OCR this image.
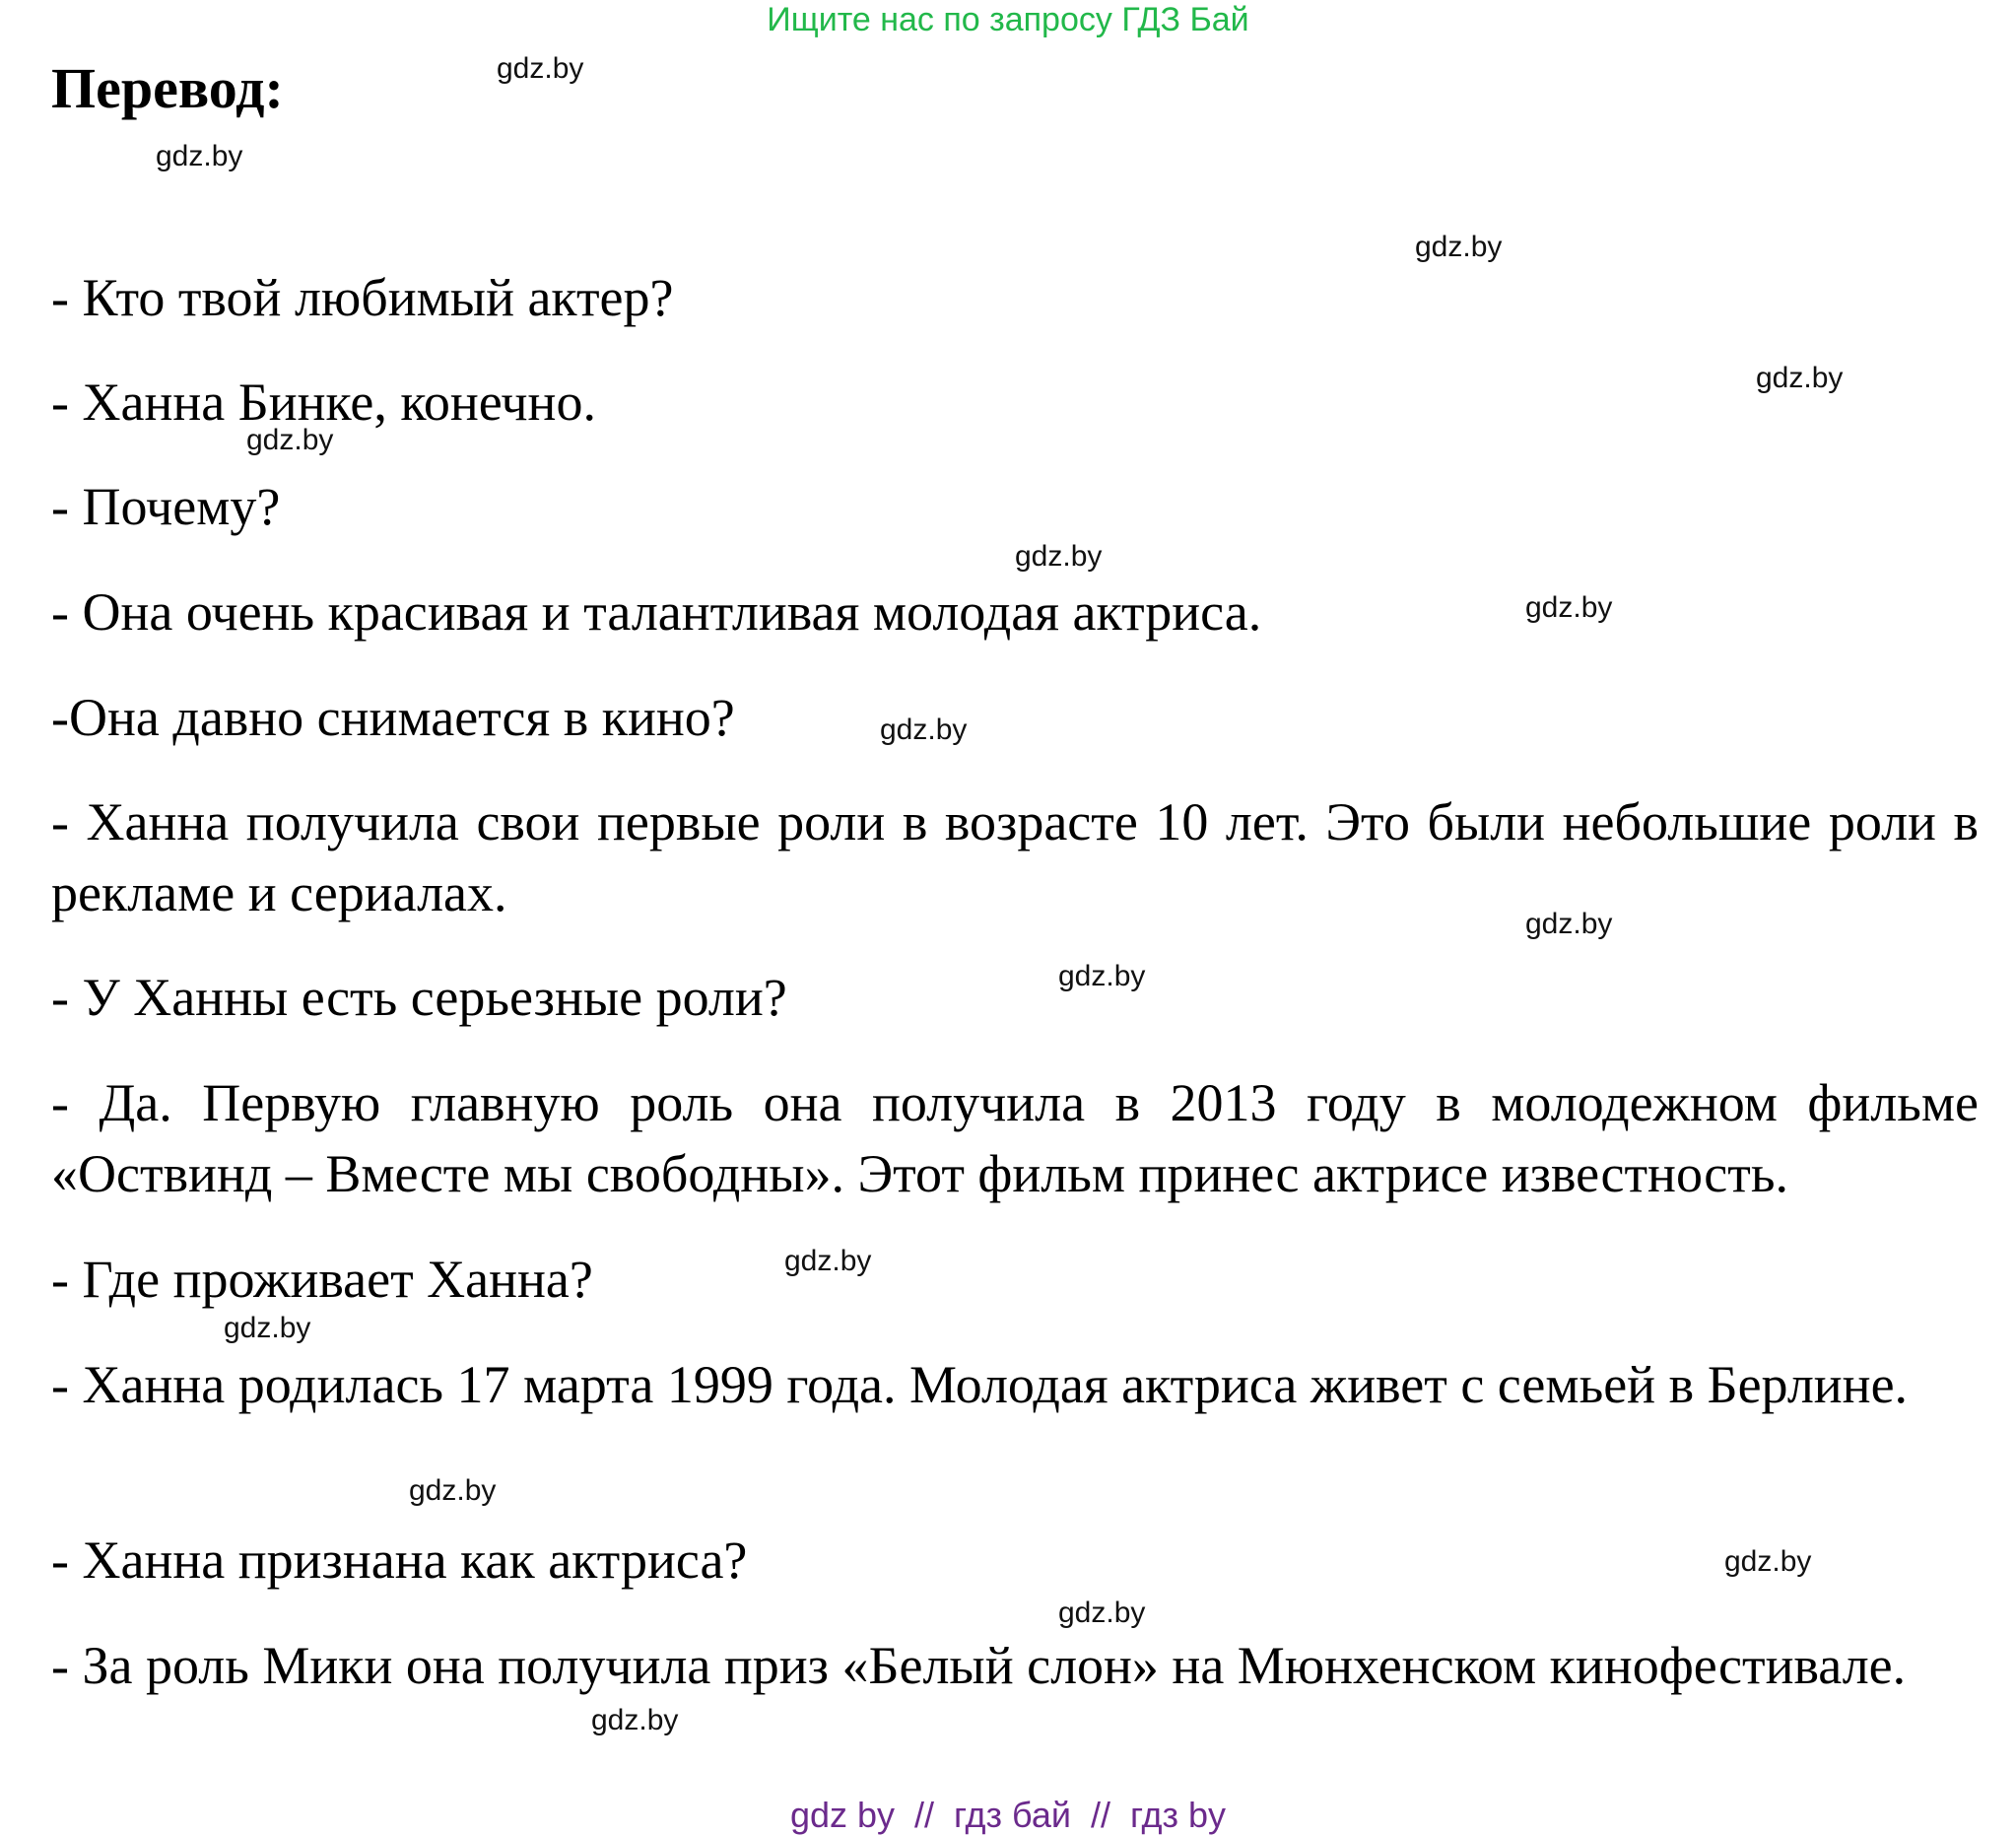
Ищите нас по запросу ГДЗ Бай
Перевод:

- Кто твой любимый актер?

- Ханна Бинке, конечно.

- Почему?

- Она очень красивая и талантливая молодая актриса.

-Она давно снимается в кино?

- Ханна получила свои первые роли в возрасте 10 лет. Это были небольшие роли в рекламе и сериалах.

- У Ханны есть серьезные роли?

- Да. Первую главную роль она получила в 2013 году в молодежном фильме «Оствинд – Вместе мы свободны». Этот фильм принес актрисе известность.

- Где проживает Ханна?

- Ханна родилась 17 марта 1999 года. Молодая актриса живет с семьей в Берлине.

- Ханна признана как актриса?

- За роль Мики она получила приз «Белый слон» на Мюнхенском кинофестивале.

gdz.by
gdz.by
gdz.by
gdz.by
gdz.by
gdz.by
gdz.by
gdz.by
gdz.by
gdz.by
gdz.by
gdz.by
gdz.by
gdz.by
gdz.by
gdz.by
gdz by  //  гдз бай  //  гдз by
